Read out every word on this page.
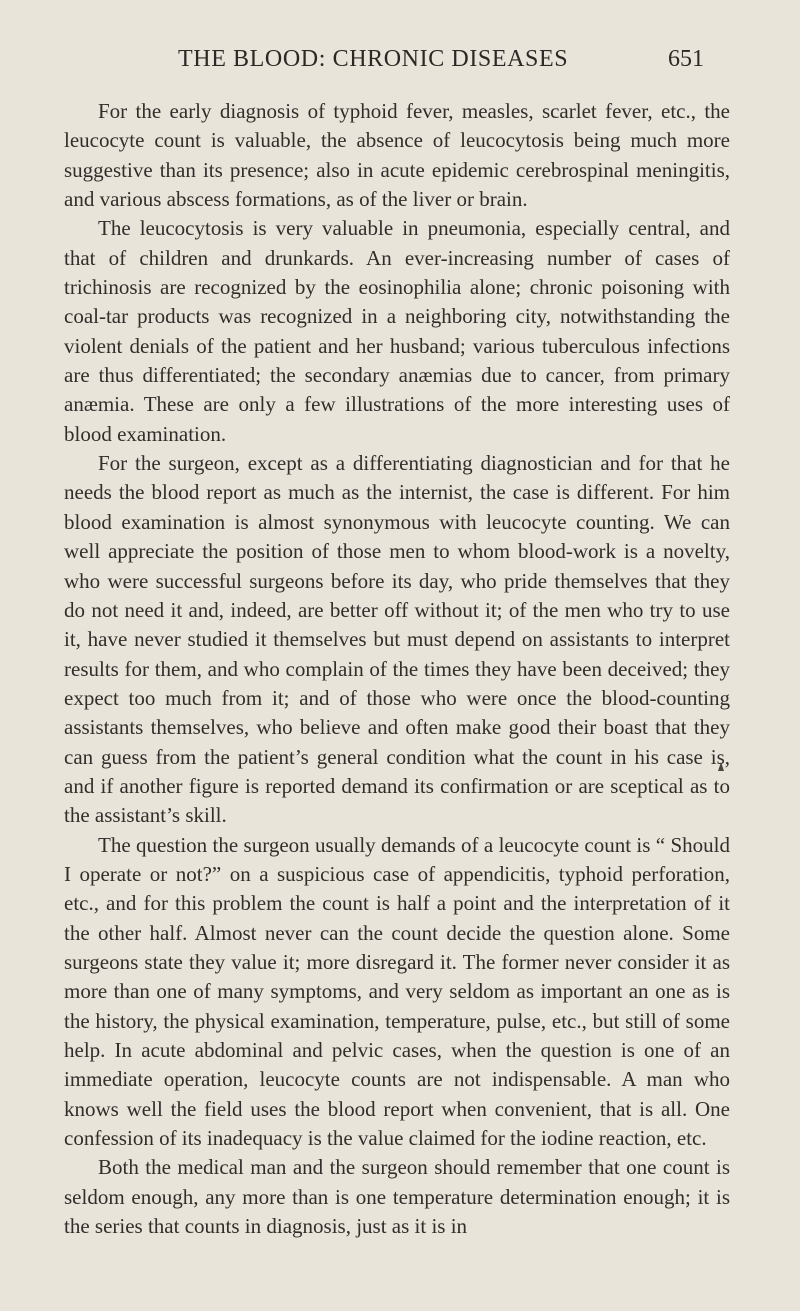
THE BLOOD: CHRONIC DISEASES	651

For the early diagnosis of typhoid fever, measles, scarlet fever, etc., the leucocyte count is valuable, the absence of leucocytosis being much more suggestive than its presence; also in acute epidemic cerebrospinal meningitis, and various abscess formations, as of the liver or brain.

The leucocytosis is very valuable in pneumonia, especially central, and that of children and drunkards. An ever-increasing number of cases of trichinosis are recognized by the eosinophilia alone; chronic poisoning with coal-tar products was recognized in a neighboring city, notwithstanding the violent denials of the patient and her husband; various tuberculous infections are thus differentiated; the secondary anæmias due to cancer, from primary anæmia. These are only a few illustrations of the more interesting uses of blood examination.

For the surgeon, except as a differentiating diagnostician and for that he needs the blood report as much as the internist, the case is different. For him blood examination is almost synonymous with leucocyte counting. We can well appreciate the position of those men to whom blood-work is a novelty, who were successful surgeons before its day, who pride themselves that they do not need it and, indeed, are better off without it; of the men who try to use it, have never studied it themselves but must depend on assistants to interpret results for them, and who complain of the times they have been deceived; they expect too much from it; and of those who were once the blood-counting assistants themselves, who believe and often make good their boast that they can guess from the patient’s general condition what the count in his case is, and if another figure is reported demand its confirmation or are sceptical as to the assistant’s skill.

The question the surgeon usually demands of a leucocyte count is “ Should I operate or not?” on a suspicious case of appendicitis, typhoid perforation, etc., and for this problem the count is half a point and the interpretation of it the other half. Almost never can the count decide the question alone. Some surgeons state they value it; more disregard it. The former never consider it as more than one of many symptoms, and very seldom as important an one as is the history, the physical examination, temperature, pulse, etc., but still of some help. In acute abdominal and pelvic cases, when the question is one of an immediate operation, leucocyte counts are not indispensable. A man who knows well the field uses the blood report when convenient, that is all. One confession of its inadequacy is the value claimed for the iodine reaction, etc.

Both the medical man and the surgeon should remember that one count is seldom enough, any more than is one temperature determination enough; it is the series that counts in diagnosis, just as it is in
